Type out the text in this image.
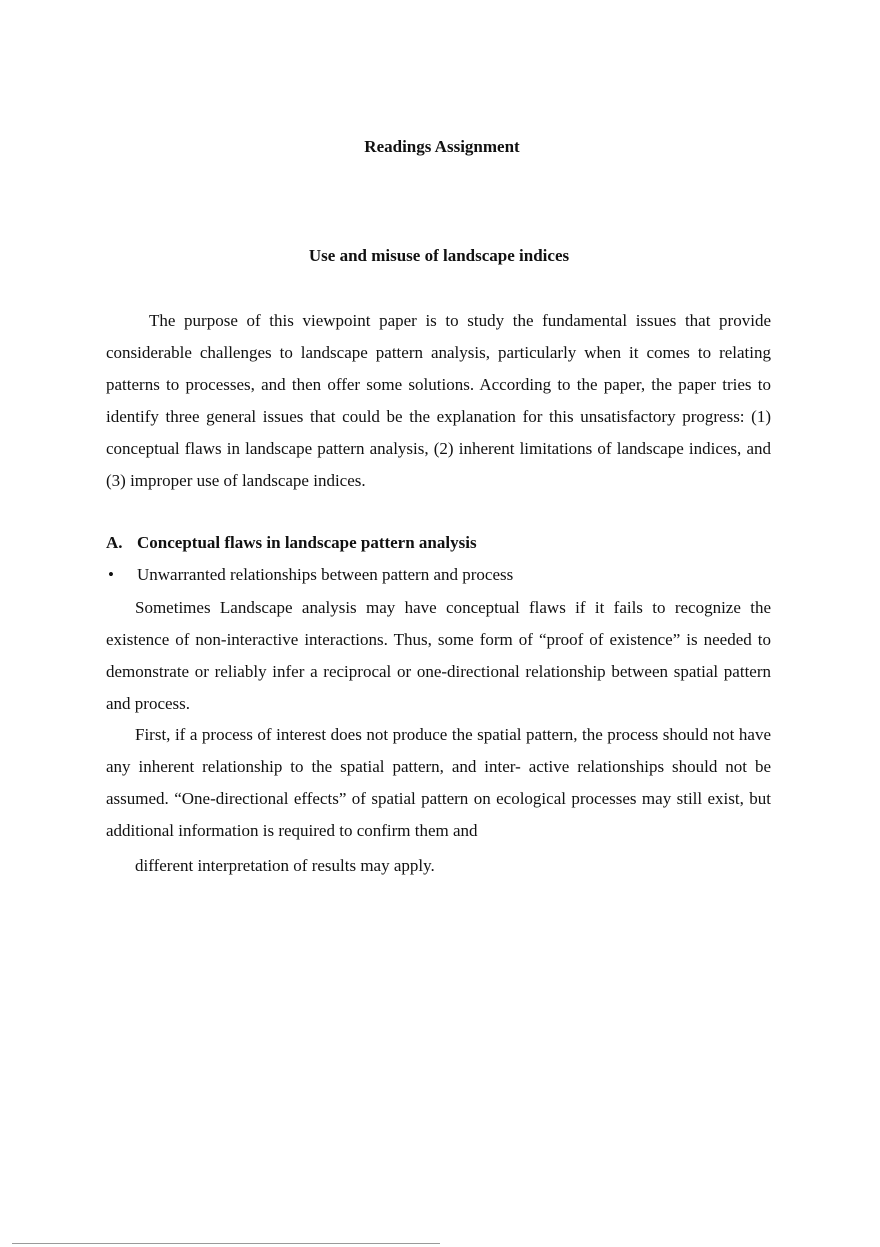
Readings Assignment
Use and misuse of landscape indices

The purpose of this viewpoint paper is to study the fundamental issues that provide considerable challenges to landscape pattern analysis, particularly when it comes to relating patterns to processes, and then offer some solutions. According to the paper, the paper tries to identify three general issues that could be the explanation for this unsatisfactory progress: (1) conceptual flaws in landscape pattern analysis, (2) inherent limitations of landscape indices, and (3) improper use of landscape indices.

A. Conceptual flaws in landscape pattern analysis
• Unwarranted relationships between pattern and process

Sometimes Landscape analysis may have conceptual flaws if it fails to recognize the existence of non-interactive interactions. Thus, some form of “proof of existence” is needed to demonstrate or reliably infer a reciprocal or one-directional relationship between spatial pattern and process.

First, if a process of interest does not produce the spatial pattern, the process should not have any inherent relationship to the spatial pattern, and inter- active relationships should not be assumed. “One-directional effects” of spatial pattern on ecological processes may still exist, but additional information is required to confirm them and
different interpretation of results may apply.
